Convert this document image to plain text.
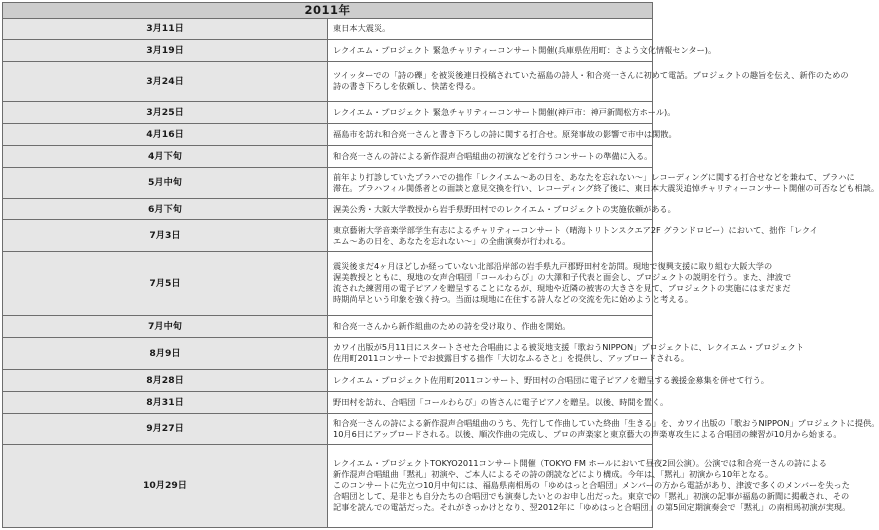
2011年	
3月11日	東日本大震災。

3月19日	レクイエム・プロジェクト 緊急チャリティーコンサート開催(兵庫県佐用町：さよう文化情報センター)。

3月24日	ツイッターでの「詩の礫」を被災後連日投稿されていた福島の詩人・和合亮一さんに初めて電話。プロジェクトの趣旨を伝え、新作のための
詩の書き下ろしを依頼し、快諾を得る。

3月25日	レクイエム・プロジェクト 緊急チャリティーコンサート開催(神戸市：神戸新聞松方ホール)。

4月16日	福島市を訪れ和合亮一さんと書き下ろしの詩に関する打合せ。原発事故の影響で市中は閑散。

4月下旬	和合亮一さんの詩による新作混声合唱組曲の初演などを行うコンサートの準備に入る。

5月中旬	前年より打診していたプラハでの拙作「レクイエム～あの日を、あなたを忘れない～」レコーディングに関する打合せなどを兼ねて、プラハに
滞在。プラハフィル関係者との面談と意見交換を行い、レコーディング終了後に、東日本大震災追悼チャリティーコンサート開催の可否なども相談。

6月下旬	渥美公秀・大阪大学教授から岩手県野田村でのレクイエム・プロジェクトの実施依頼がある。

7月3日	東京藝術大学音楽学部学生有志によるチャリティーコンサート（晴海トリトンスクエア2F グランドロビー）において、拙作「レクイ
エム～あの日を、あなたを忘れない～」の全曲演奏が行われる。

7月5日	震災後まだ4ヶ月ほどしか経っていない北部沿岸部の岩手県九戸郡野田村を訪問。現地で復興支援に取り組む大阪大学の
渥美教授とともに、現地の女声合唱団「コールわらび」の大澤和子代表と面会し、プロジェクトの説明を行う。また、津波で
流された練習用の電子ピアノを贈呈することになるが、現地や近隣の被害の大きさを見て、プロジェクトの実施にはまだまだ
時期尚早という印象を強く持つ。当面は現地に在住する詩人などの交流を先に始めようと考える。

7月中旬	和合亮一さんから新作組曲のための詩を受け取り、作曲を開始。

8月9日	カワイ出版が5月11日にスタートさせた合唱曲による被災地支援「歌おうNIPPON」プロジェクトに、レクイエム・プロジェクト
佐用町2011コンサートでお披露目する拙作「大切なふるさと」を提供し、アップロードされる。

8月28日	レクイエム・プロジェクト佐用町2011コンサート、野田村の合唱団に電子ピアノを贈呈する義援金募集を併せて行う。

8月31日	野田村を訪れ、合唱団「コールわらび」の皆さんに電子ピアノを贈呈。以後、時間を置く。

9月27日	和合亮一さんの詩による新作混声合唱組曲のうち、先行して作曲していた終曲「生きる」を、カワイ出版の「歌おうNIPPON」プロジェクトに提供。
10月6日にアップロードされる。以後、順次作曲の完成し、プロの声楽家と東京藝大の声楽専攻生による合唱団の練習が10月から始まる。

10月29日	レクイエム・プロジェクトTOKYO2011コンサート開催（TOKYO FM ホールにおいて昼夜2回公演）。公演では和合亮一さんの詩による
新作混声合唱組曲「黙礼」初演や、ご本人によるその詩の朗読などにより構成。今年は、「黙礼」初演から10年となる。
このコンサートに先立つ10月中旬には、福島県南相馬の「ゆめはっと合唱団」メンバーの方から電話があり、津波で多くのメンバーを失った
合唱団として、是非とも自分たちの合唱団でも演奏したいとのお申し出だった。東京での「黙礼」初演の記事が福島の新聞に掲載され、その
記事を読んでの電話だった。それがきっかけとなり、翌2012年に「ゆめはっと合唱団」の第5回定期演奏会で「黙礼」の南相馬初演が実現。
